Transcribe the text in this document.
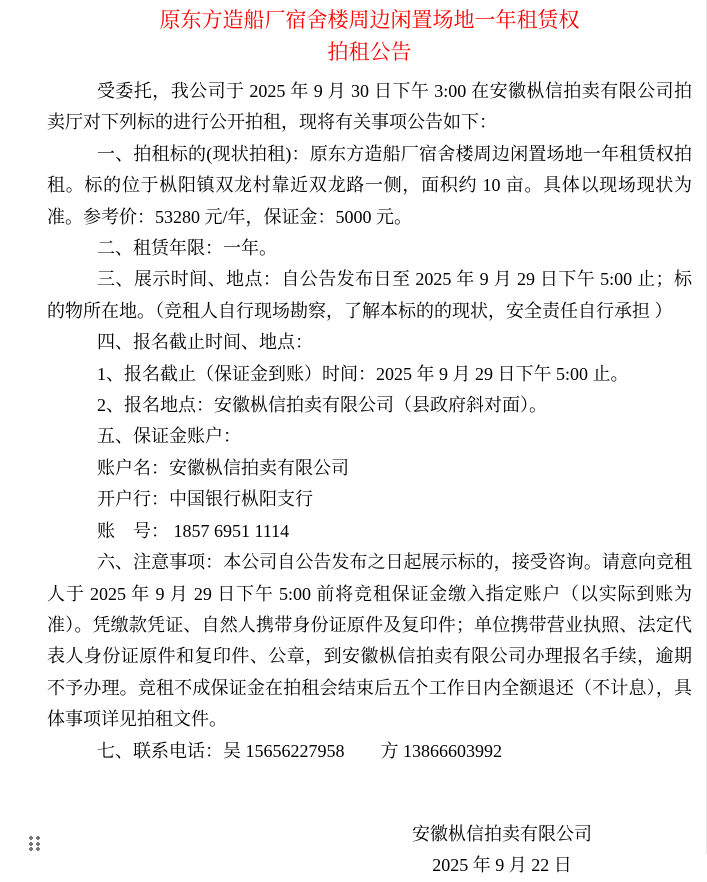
原东方造船厂宿舍楼周边闲置场地一年租赁权
拍租公告

受委托，我公司于 2025 年 9 月 30 日下午 3:00 在安徽枞信拍卖有限公司拍卖厅对下列标的进行公开拍租，现将有关事项公告如下：

一、拍租标的(现状拍租)：原东方造船厂宿舍楼周边闲置场地一年租赁权拍租。标的位于枞阳镇双龙村靠近双龙路一侧，面积约 10 亩。具体以现场现状为准。参考价：53280 元/年，保证金：5000 元。

二、租赁年限：一年。

三、展示时间、地点：自公告发布日至 2025 年 9 月 29 日下午 5:00 止；标的物所在地。（竞租人自行现场勘察，了解本标的的现状，安全责任自行承担 ）

四、报名截止时间、地点：

1、报名截止（保证金到账）时间：2025 年 9 月 29 日下午 5:00 止。

2、报名地点：安徽枞信拍卖有限公司（县政府斜对面）。

五、保证金账户：

账户名：安徽枞信拍卖有限公司

开户行：中国银行枞阳支行

账　号： 1857 6951 1114

六、注意事项：本公司自公告发布之日起展示标的，接受咨询。请意向竞租人于 2025 年 9 月 29 日下午 5:00 前将竞租保证金缴入指定账户（以实际到账为准）。凭缴款凭证、自然人携带身份证原件及复印件；单位携带营业执照、法定代表人身份证原件和复印件、公章，到安徽枞信拍卖有限公司办理报名手续，逾期不予办理。竞租不成保证金在拍租会结束后五个工作日内全额退还（不计息），具体事项详见拍租文件。

七、联系电话：吴 15656227958　　方 13866603992

安徽枞信拍卖有限公司
2025 年 9 月 22 日
